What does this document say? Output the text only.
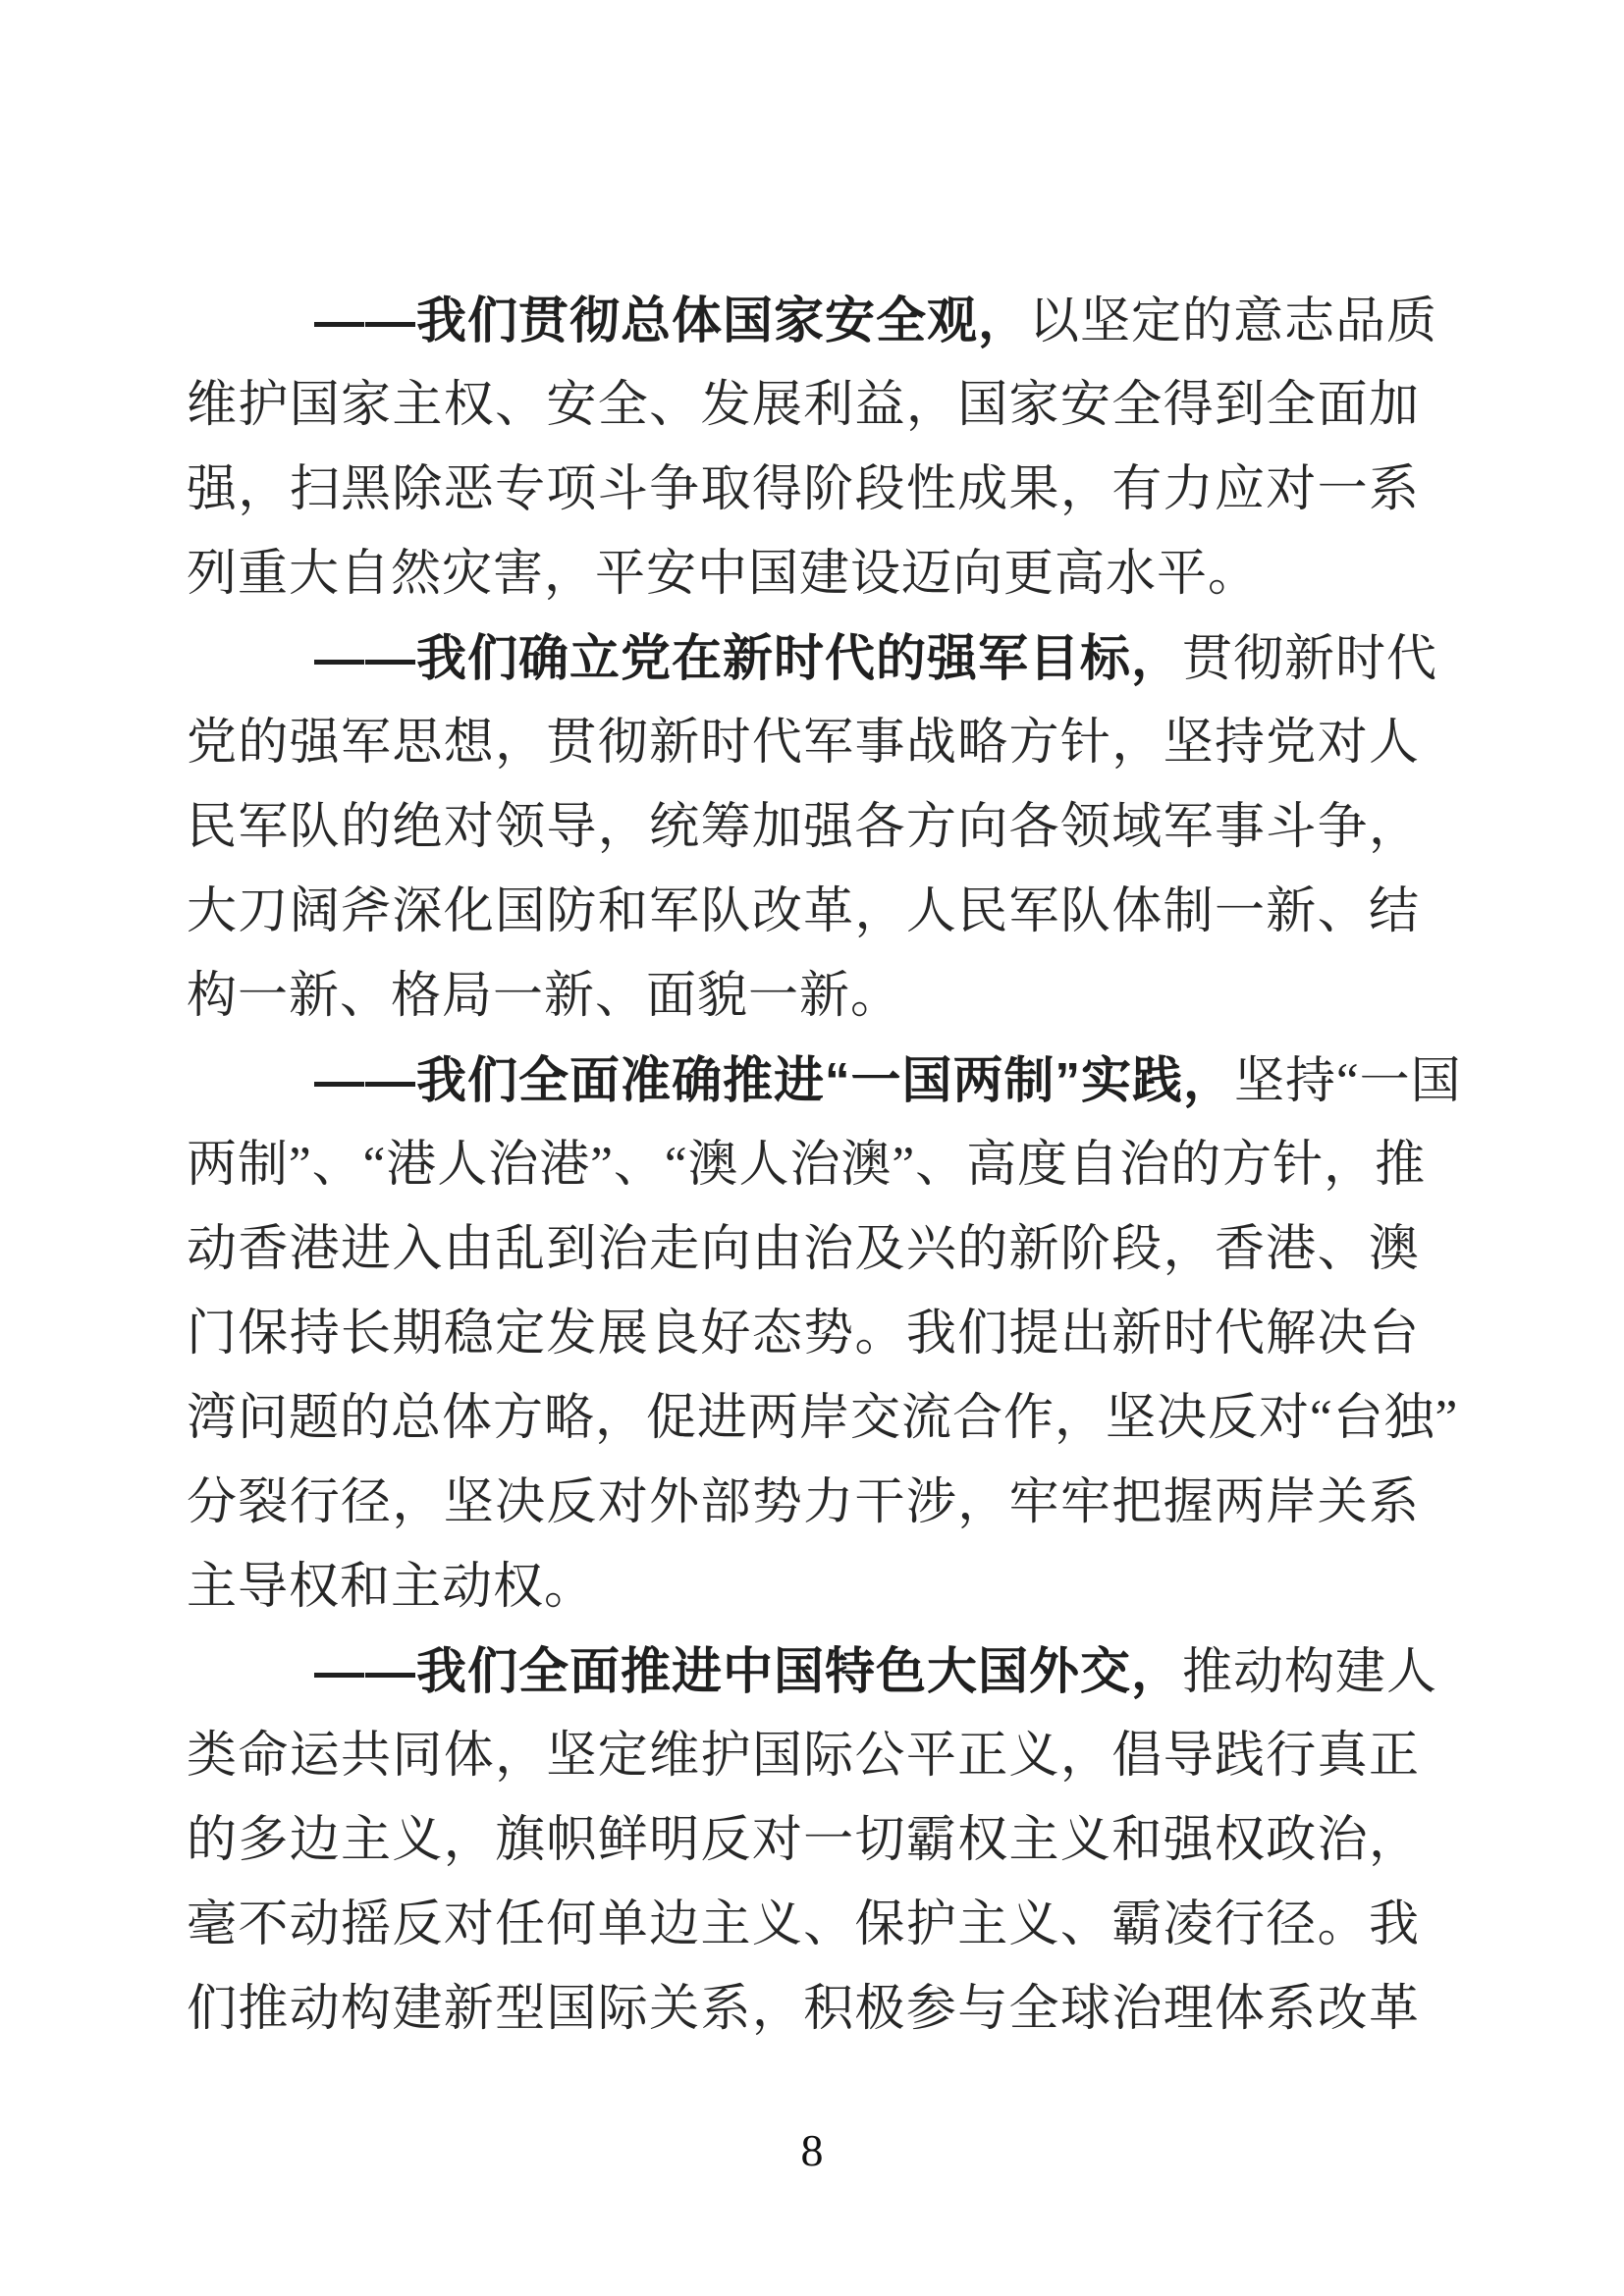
——我们贯彻总体国家安全观，以坚定的意志品质
维护国家主权、安全、发展利益，国家安全得到全面加
强，扫黑除恶专项斗争取得阶段性成果，有力应对一系
列重大自然灾害，平安中国建设迈向更高水平。

——我们确立党在新时代的强军目标，贯彻新时代
党的强军思想，贯彻新时代军事战略方针，坚持党对人
民军队的绝对领导，统筹加强各方向各领域军事斗争，
大刀阔斧深化国防和军队改革，人民军队体制一新、结
构一新、格局一新、面貌一新。

——我们全面准确推进“一国两制”实践，坚持“一国
两制”、“港人治港”、“澳人治澳”、高度自治的方针，推
动香港进入由乱到治走向由治及兴的新阶段，香港、澳
门保持长期稳定发展良好态势。我们提出新时代解决台
湾问题的总体方略，促进两岸交流合作，坚决反对“台独”
分裂行径，坚决反对外部势力干涉，牢牢把握两岸关系
主导权和主动权。

——我们全面推进中国特色大国外交，推动构建人
类命运共同体，坚定维护国际公平正义，倡导践行真正
的多边主义，旗帜鲜明反对一切霸权主义和强权政治，
毫不动摇反对任何单边主义、保护主义、霸凌行径。我
们推动构建新型国际关系，积极参与全球治理体系改革

8
